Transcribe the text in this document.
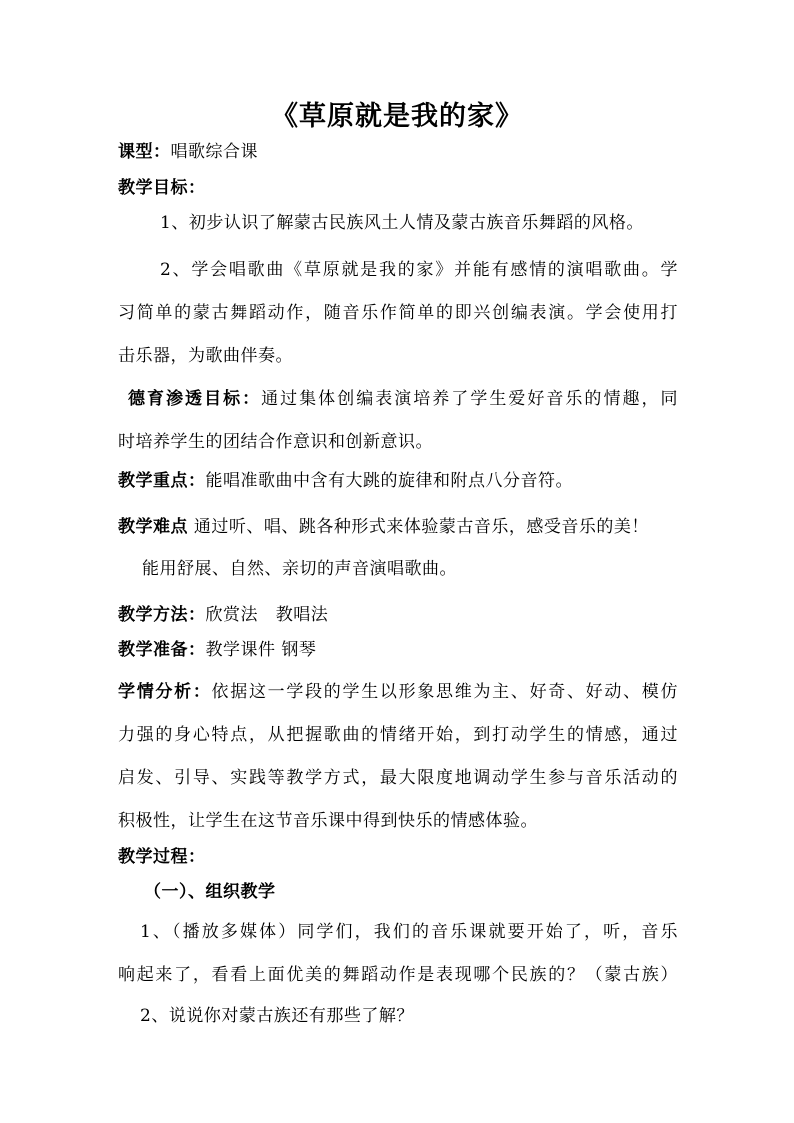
《草原就是我的家》
课型：唱歌综合课
教学目标：
1、初步认识了解蒙古民族风土人情及蒙古族音乐舞蹈的风格。
2、学会唱歌曲《草原就是我的家》并能有感情的演唱歌曲。学
习简单的蒙古舞蹈动作，随音乐作简单的即兴创编表演。学会使用打
击乐器，为歌曲伴奏。
德育渗透目标：通过集体创编表演培养了学生爱好音乐的情趣，同
时培养学生的团结合作意识和创新意识。
教学重点：能唱准歌曲中含有大跳的旋律和附点八分音符。
教学难点 通过听、唱、跳各种形式来体验蒙古音乐，感受音乐的美！
能用舒展、自然、亲切的声音演唱歌曲。
教学方法：欣赏法   教唱法
教学准备：教学课件 钢琴
学情分析：依据这一学段的学生以形象思维为主、好奇、好动、模仿
力强的身心特点，从把握歌曲的情绪开始，到打动学生的情感，通过
启发、引导、实践等教学方式，最大限度地调动学生参与音乐活动的
积极性，让学生在这节音乐课中得到快乐的情感体验。
教学过程：
（一）、组织教学
1、（播放多媒体）同学们，我们的音乐课就要开始了，听，音乐
响起来了，看看上面优美的舞蹈动作是表现哪个民族的？（蒙古族）
2、说说你对蒙古族还有那些了解？
